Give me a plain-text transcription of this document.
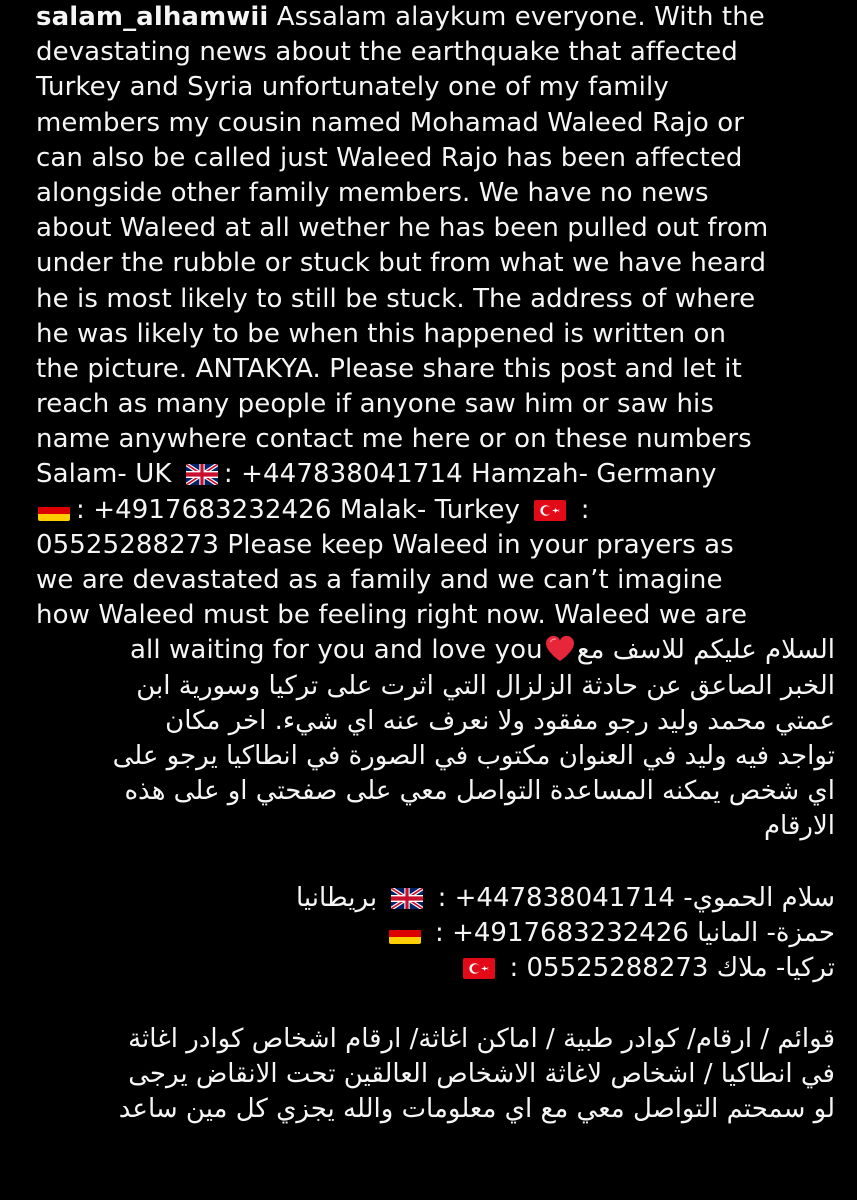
salam_alhamwii Assalam alaykum everyone. With the
devastating news about the earthquake that affected
Turkey and Syria unfortunately one of my family
members my cousin named Mohamad Waleed Rajo or
can also be called just Waleed Rajo has been affected
alongside other family members. We have no news
about Waleed at all wether he has been pulled out from
under the rubble or stuck but from what we have heard
he is most likely to still be stuck. The address of where
he was likely to be when this happened is written on
the picture. ANTAKYA. Please share this post and let it
reach as many people if anyone saw him or saw his
name anywhere contact me here or on these numbers
Salam- UK
: +447838041714 Hamzah- Germany
: +4917683232426 Malak- Turkey
:
05525288273 Please keep Waleed in your prayers as
we are devastated as a family and we can’t imagine
how Waleed must be feeling right now. Waleed we are
السلام عليكم للاسف مع
all waiting for you and love you
الخبر الصاعق عن حادثة الزلزال التي اثرت على تركيا وسورية ابن
عمتي محمد وليد رجو مفقود ولا نعرف عنه اي شيء. اخر مكان
تواجد فيه وليد في العنوان مكتوب في الصورة في انطاكيا يرجو على
اي شخص يمكنه المساعدة التواصل معي على صفحتي او على هذه
الارقام
سلام الحموي- 447838041714+ :
بريطانيا
حمزة- المانيا 4917683232426+ :
تركيا- ملاك 05525288273 :
قوائم / ارقام/ كوادر طبية / اماكن اغاثة/ ارقام اشخاص كوادر اغاثة
في انطاكيا / اشخاص لاغاثة الاشخاص العالقين تحت الانقاض يرجى
لو سمحتم التواصل معي مع اي معلومات والله يجزي كل مين ساعد
